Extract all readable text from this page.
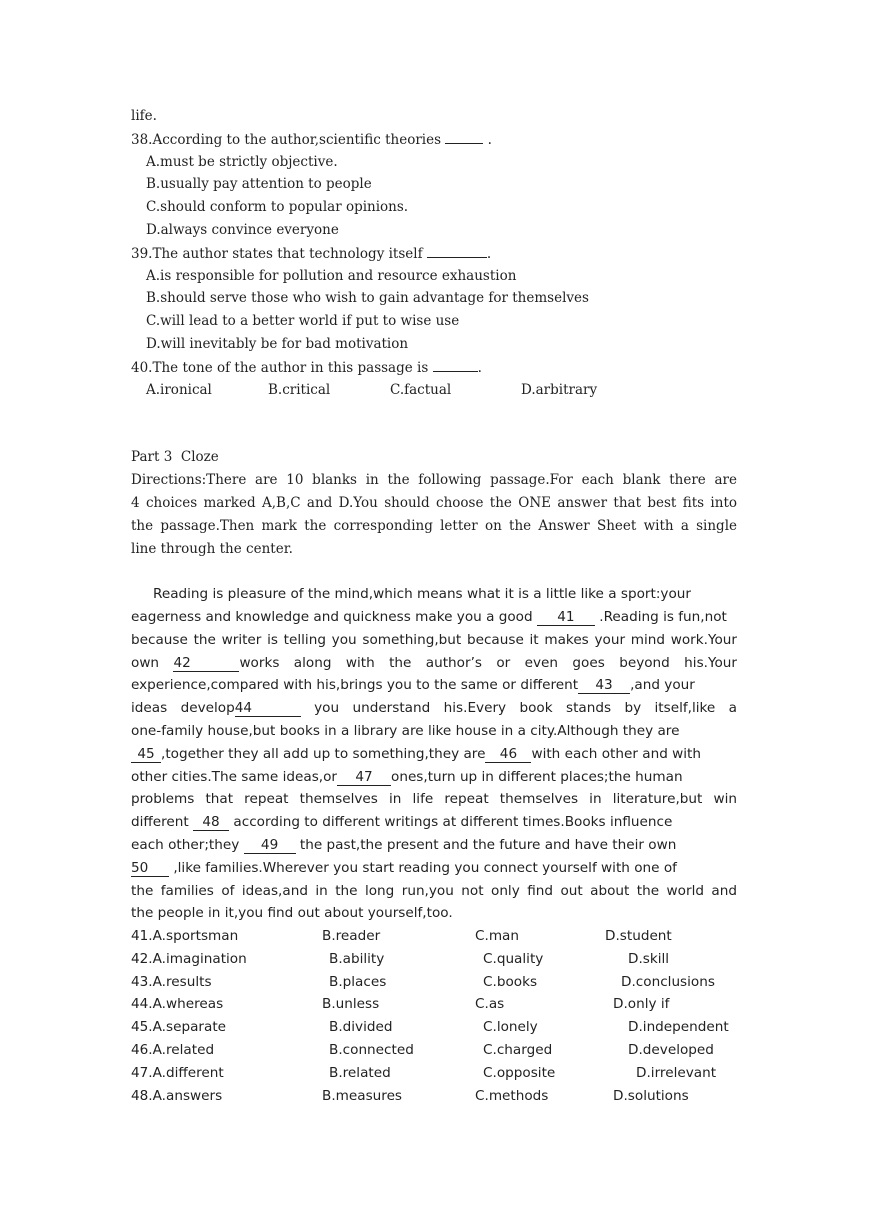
life.
38.According to the author,scientific theories	.
A.must be strictly objective.
B.usually pay attention to people
C.should conform to popular opinions.
D.always convince everyone
39.The author states that technology itself	.
A.is responsible for pollution and resource exhaustion
B.should serve those who wish to gain advantage for themselves
C.will lead to a better world if put to wise use
D.will inevitably be for bad motivation
40.The tone of the author in this passage is	.
A.ironical	B.critical	C.factual	D.arbitrary
Part 3  Cloze
Directions:There are 10 blanks in the following passage.For each blank there are
4 choices marked A,B,C and D.You should choose the ONE answer that best fits into
the passage.Then mark the corresponding letter on the Answer Sheet with a single
line through the center.
Reading is pleasure of the mind,which means what it is a little like a sport:your
eagerness and knowledge and quickness make you a good 41 .Reading is fun,not
because the writer is telling you something,but because it makes your mind work.Your
own 42	works along with the author’s or even goes beyond his.Your
experience,compared with his,brings you to the same or different 43 ,and your
ideas develop44	you understand his.Every book stands by itself,like a
one-family house,but books in a library are like house in a city.Although they are
45 ,together they all add up to something,they are 46 with each other and with
other cities.The same ideas,or 47 ones,turn up in different places;the human
problems that repeat themselves in life repeat themselves in literature,but win
different 48 according to different writings at different times.Books influence
each other;they 49 the past,the present and the future and have their own
50 ,like families.Wherever you start reading you connect yourself with one of
the families of ideas,and in the long run,you not only find out about the world and
the people in it,you find out about yourself,too.
41.A.sportsman	B.reader	C.man	D.student
42.A.imagination	B.ability	C.quality	D.skill
43.A.results	B.places	C.books	D.conclusions
44.A.whereas	B.unless	C.as	D.only if
45.A.separate	B.divided	C.lonely	D.independent
46.A.related	B.connected	C.charged	D.developed
47.A.different	B.related	C.opposite	D.irrelevant
48.A.answers	B.measures	C.methods	D.solutions
